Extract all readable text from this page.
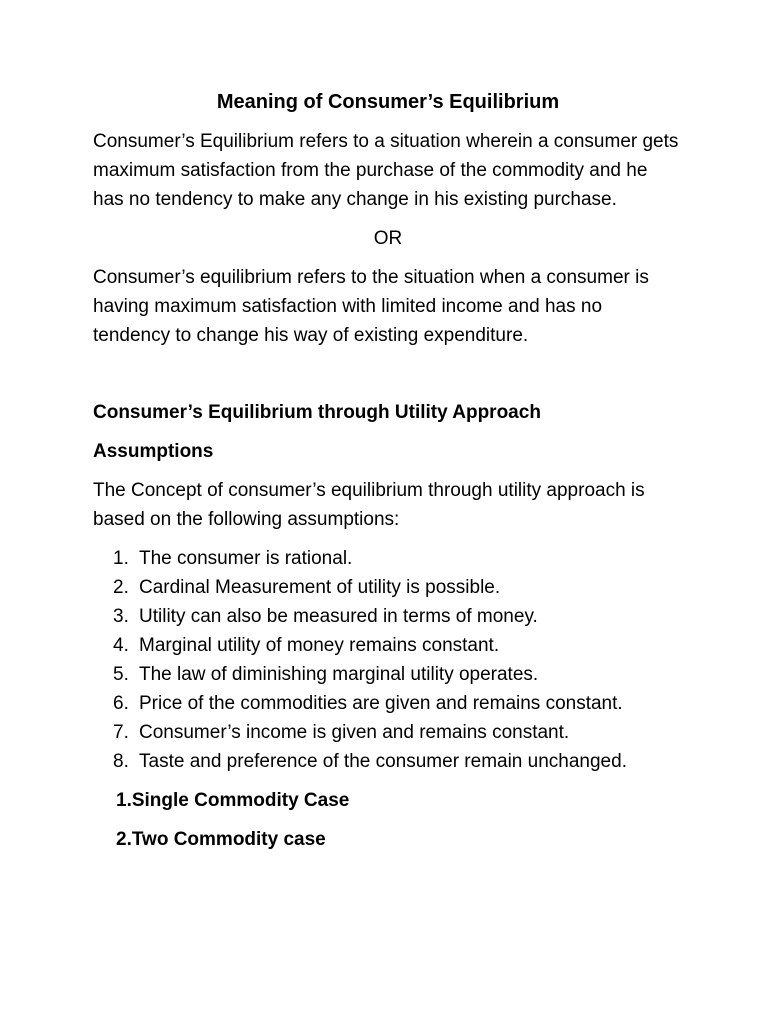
Meaning of Consumer’s Equilibrium
Consumer’s Equilibrium refers to a situation wherein a consumer gets maximum satisfaction from the purchase of the commodity and he has no tendency to make any change in his existing purchase.
OR
Consumer’s equilibrium refers to the situation when a consumer is having maximum satisfaction with limited income and has no tendency to change his way of existing expenditure.
Consumer’s Equilibrium through Utility Approach
Assumptions
The Concept of consumer’s equilibrium through utility approach is based on the following assumptions:
1. The consumer is rational.
2. Cardinal Measurement of utility is possible.
3. Utility can also be measured in terms of money.
4. Marginal utility of money remains constant.
5. The law of diminishing marginal utility operates.
6. Price of the commodities are given and remains constant.
7. Consumer’s income is given and remains constant.
8. Taste and preference of the consumer remain unchanged.
1.Single Commodity Case
2.Two Commodity case
